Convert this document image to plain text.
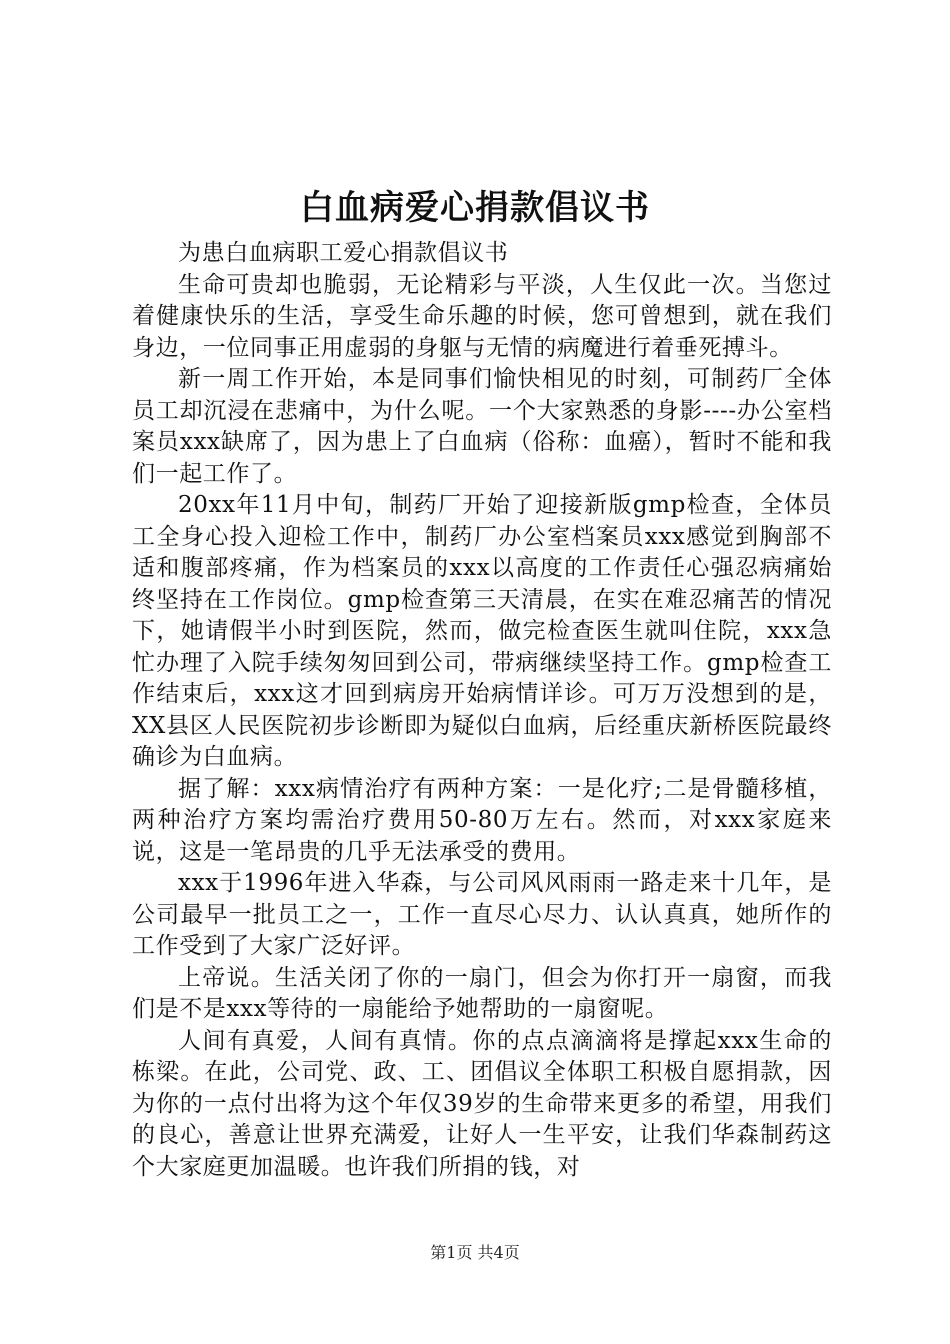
白血病爱心捐款倡议书

为患白血病职工爱心捐款倡议书

生命可贵却也脆弱，无论精彩与平淡，人生仅此一次。当您过着健康快乐的生活，享受生命乐趣的时候，您可曾想到，就在我们身边，一位同事正用虚弱的身躯与无情的病魔进行着垂死搏斗。

新一周工作开始，本是同事们愉快相见的时刻，可制药厂全体员工却沉浸在悲痛中，为什么呢。一个大家熟悉的身影----办公室档案员xxx缺席了，因为患上了白血病（俗称：血癌），暂时不能和我们一起工作了。

20xx年11月中旬，制药厂开始了迎接新版gmp检查，全体员工全身心投入迎检工作中，制药厂办公室档案员xxx感觉到胸部不适和腹部疼痛，作为档案员的xxx以高度的工作责任心强忍病痛始终坚持在工作岗位。gmp检查第三天清晨，在实在难忍痛苦的情况下，她请假半小时到医院，然而，做完检查医生就叫住院，xxx急忙办理了入院手续匆匆回到公司，带病继续坚持工作。gmp检查工作结束后，xxx这才回到病房开始病情详诊。可万万没想到的是，XX县区人民医院初步诊断即为疑似白血病，后经重庆新桥医院最终确诊为白血病。

据了解：xxx病情治疗有两种方案：一是化疗;二是骨髓移植，两种治疗方案均需治疗费用50-80万左右。然而，对xxx家庭来说，这是一笔昂贵的几乎无法承受的费用。

xxx于1996年进入华森，与公司风风雨雨一路走来十几年，是公司最早一批员工之一，工作一直尽心尽力、认认真真，她所作的工作受到了大家广泛好评。

上帝说。生活关闭了你的一扇门，但会为你打开一扇窗，而我们是不是xxx等待的一扇能给予她帮助的一扇窗呢。

人间有真爱，人间有真情。你的点点滴滴将是撑起xxx生命的栋梁。在此，公司党、政、工、团倡议全体职工积极自愿捐款，因为你的一点付出将为这个年仅39岁的生命带来更多的希望，用我们的良心，善意让世界充满爱，让好人一生平安，让我们华森制药这个大家庭更加温暖。也许我们所捐的钱，对

第1页 共4页
